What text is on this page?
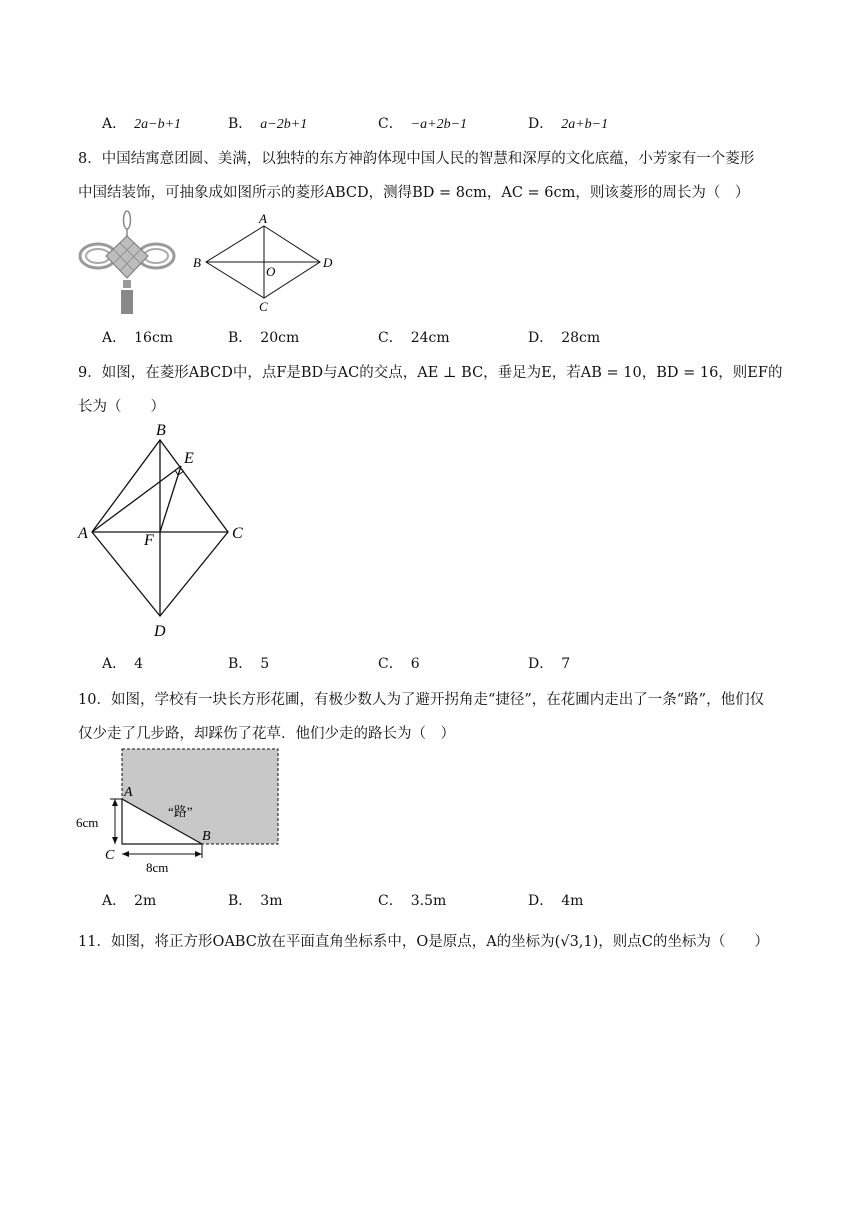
A． 2a−b+1	B． a−2b+1	C． −a+2b−1	D． 2a+b−1
8．中国结寓意团圆、美满，以独特的东方神韵体现中国人民的智慧和深厚的文化底蕴，小芳家有一个菱形
中国结装饰，可抽象成如图所示的菱形ABCD，测得BD = 8cm，AC = 6cm，则该菱形的周长为（　）
A
B	D
C
O
A． 16cm	B． 20cm	C． 24cm	D． 28cm
9．如图，在菱形ABCD中，点F是BD与AC的交点，AE ⊥ BC，垂足为E，若AB = 10，BD = 16，则EF的
长为（　　）
B
E
A	C
F
D
A． 4	B． 5	C． 6	D． 7
10．如图，学校有一块长方形花圃，有极少数人为了避开拐角走“捷径”，在花圃内走出了一条“路”，他们仅
仅少走了几步路，却踩伤了花草．他们少走的路长为（　）
A
B
C
“路”
6cm
8cm
A． 2m	B． 3m	C． 3.5m	D． 4m
11．如图，将正方形OABC放在平面直角坐标系中，O是原点，A的坐标为(√3,1)，则点C的坐标为（　　）
